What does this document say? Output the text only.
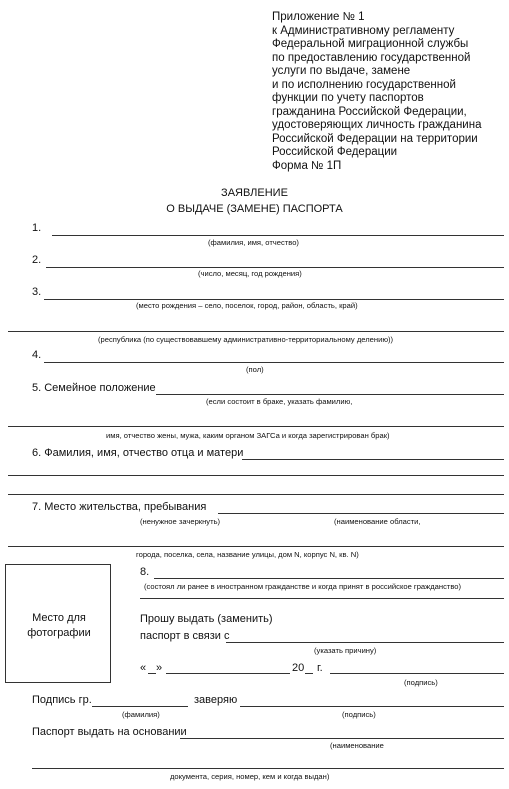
Приложение № 1
к Административному регламенту
Федеральной миграционной службы
по предоставлению государственной
услуги по выдаче, замене
и по исполнению государственной
функции по учету паспортов
гражданина Российской Федерации,
удостоверяющих личность гражданина
Российской Федерации на территории
Российской Федерации
Форма № 1П
ЗАЯВЛЕНИЕ
О ВЫДАЧЕ (ЗАМЕНЕ) ПАСПОРТА
1.
(фамилия, имя, отчество)
2.
(число, месяц, год рождения)
3.
(место рождения – село, поселок, город, район, область, край)
(республика (по существовавшему административно-территориальному делению))
4.
(пол)
5. Семейное положение
(если состоит в браке, указать фамилию,
имя, отчество жены, мужа, каким органом ЗАГСа и когда зарегистрирован брак)
6. Фамилия, имя, отчество отца и матери
7. Место жительства, пребывания
(ненужное зачеркнуть)	(наименование области,
города, поселка, села, название улицы, дом N, корпус N, кв. N)
Место для фотографии
8.
(состоял ли ранее в иностранном гражданстве и когда принят в российское гражданство)
Прошу выдать (заменить)
паспорт в связи с
(указать причину)
« »	20 г.
(подпись)
Подпись гр.	заверяю
(фамилия)	(подпись)
Паспорт выдать на основании
(наименование
документа, серия, номер, кем и когда выдан)
